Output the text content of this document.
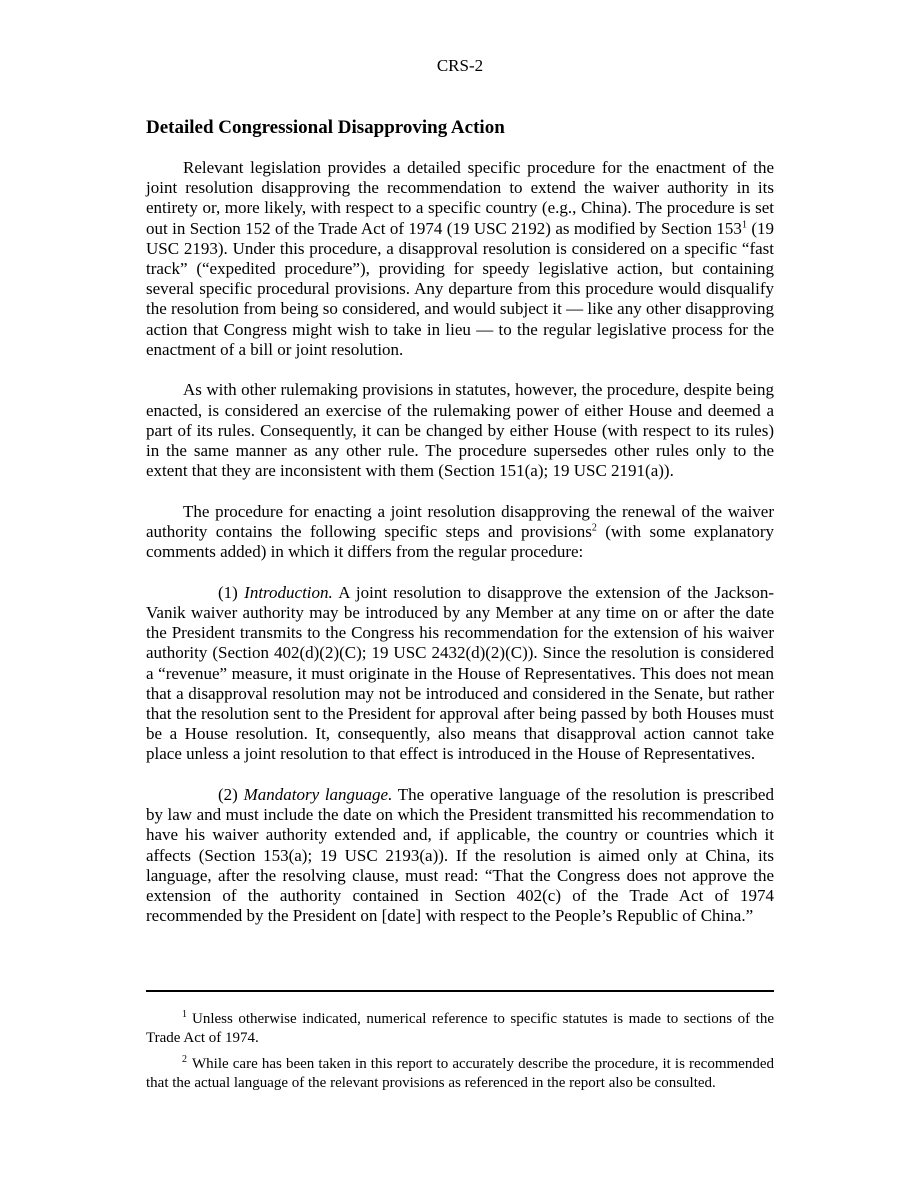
CRS-2
Detailed Congressional Disapproving Action

Relevant legislation provides a detailed specific procedure for the enactment of the joint resolution disapproving the recommendation to extend the waiver authority in its entirety or, more likely, with respect to a specific country (e.g., China). The procedure is set out in Section 152 of the Trade Act of 1974 (19 USC 2192) as modified by Section $153^1$ (19 USC 2193). Under this procedure, a disapproval resolution is considered on a specific “fast track” (“expedited procedure”), providing for speedy legislative action, but containing several specific procedural provisions. Any departure from this procedure would disqualify the resolution from being so considered, and would subject it — like any other disapproving action that Congress might wish to take in lieu — to the regular legislative process for the enactment of a bill or joint resolution.

As with other rulemaking provisions in statutes, however, the procedure, despite being enacted, is considered an exercise of the rulemaking power of either House and deemed a part of its rules. Consequently, it can be changed by either House (with respect to its rules) in the same manner as any other rule. The procedure supersedes other rules only to the extent that they are inconsistent with them (Section 151(a); 19 USC 2191(a)).

The procedure for enacting a joint resolution disapproving the renewal of the waiver authority contains the following specific steps and provisions$^2$ (with some explanatory comments added) in which it differs from the regular procedure:

(1) Introduction. A joint resolution to disapprove the extension of the Jackson-Vanik waiver authority may be introduced by any Member at any time on or after the date the President transmits to the Congress his recommendation for the extension of his waiver authority (Section 402(d)(2)(C); 19 USC 2432(d)(2)(C)). Since the resolution is considered a “revenue” measure, it must originate in the House of Representatives. This does not mean that a disapproval resolution may not be introduced and considered in the Senate, but rather that the resolution sent to the President for approval after being passed by both Houses must be a House resolution. It, consequently, also means that disapproval action cannot take place unless a joint resolution to that effect is introduced in the House of Representatives.

(2) Mandatory language. The operative language of the resolution is prescribed by law and must include the date on which the President transmitted his recommendation to have his waiver authority extended and, if applicable, the country or countries which it affects (Section 153(a); 19 USC 2193(a)). If the resolution is aimed only at China, its language, after the resolving clause, must read: “That the Congress does not approve the extension of the authority contained in Section 402(c) of the Trade Act of 1974 recommended by the President on [date] with respect to the People’s Republic of China.”

$^1$ Unless otherwise indicated, numerical reference to specific statutes is made to sections of the Trade Act of 1974.

$^2$ While care has been taken in this report to accurately describe the procedure, it is recommended that the actual language of the relevant provisions as referenced in the report also be consulted.
